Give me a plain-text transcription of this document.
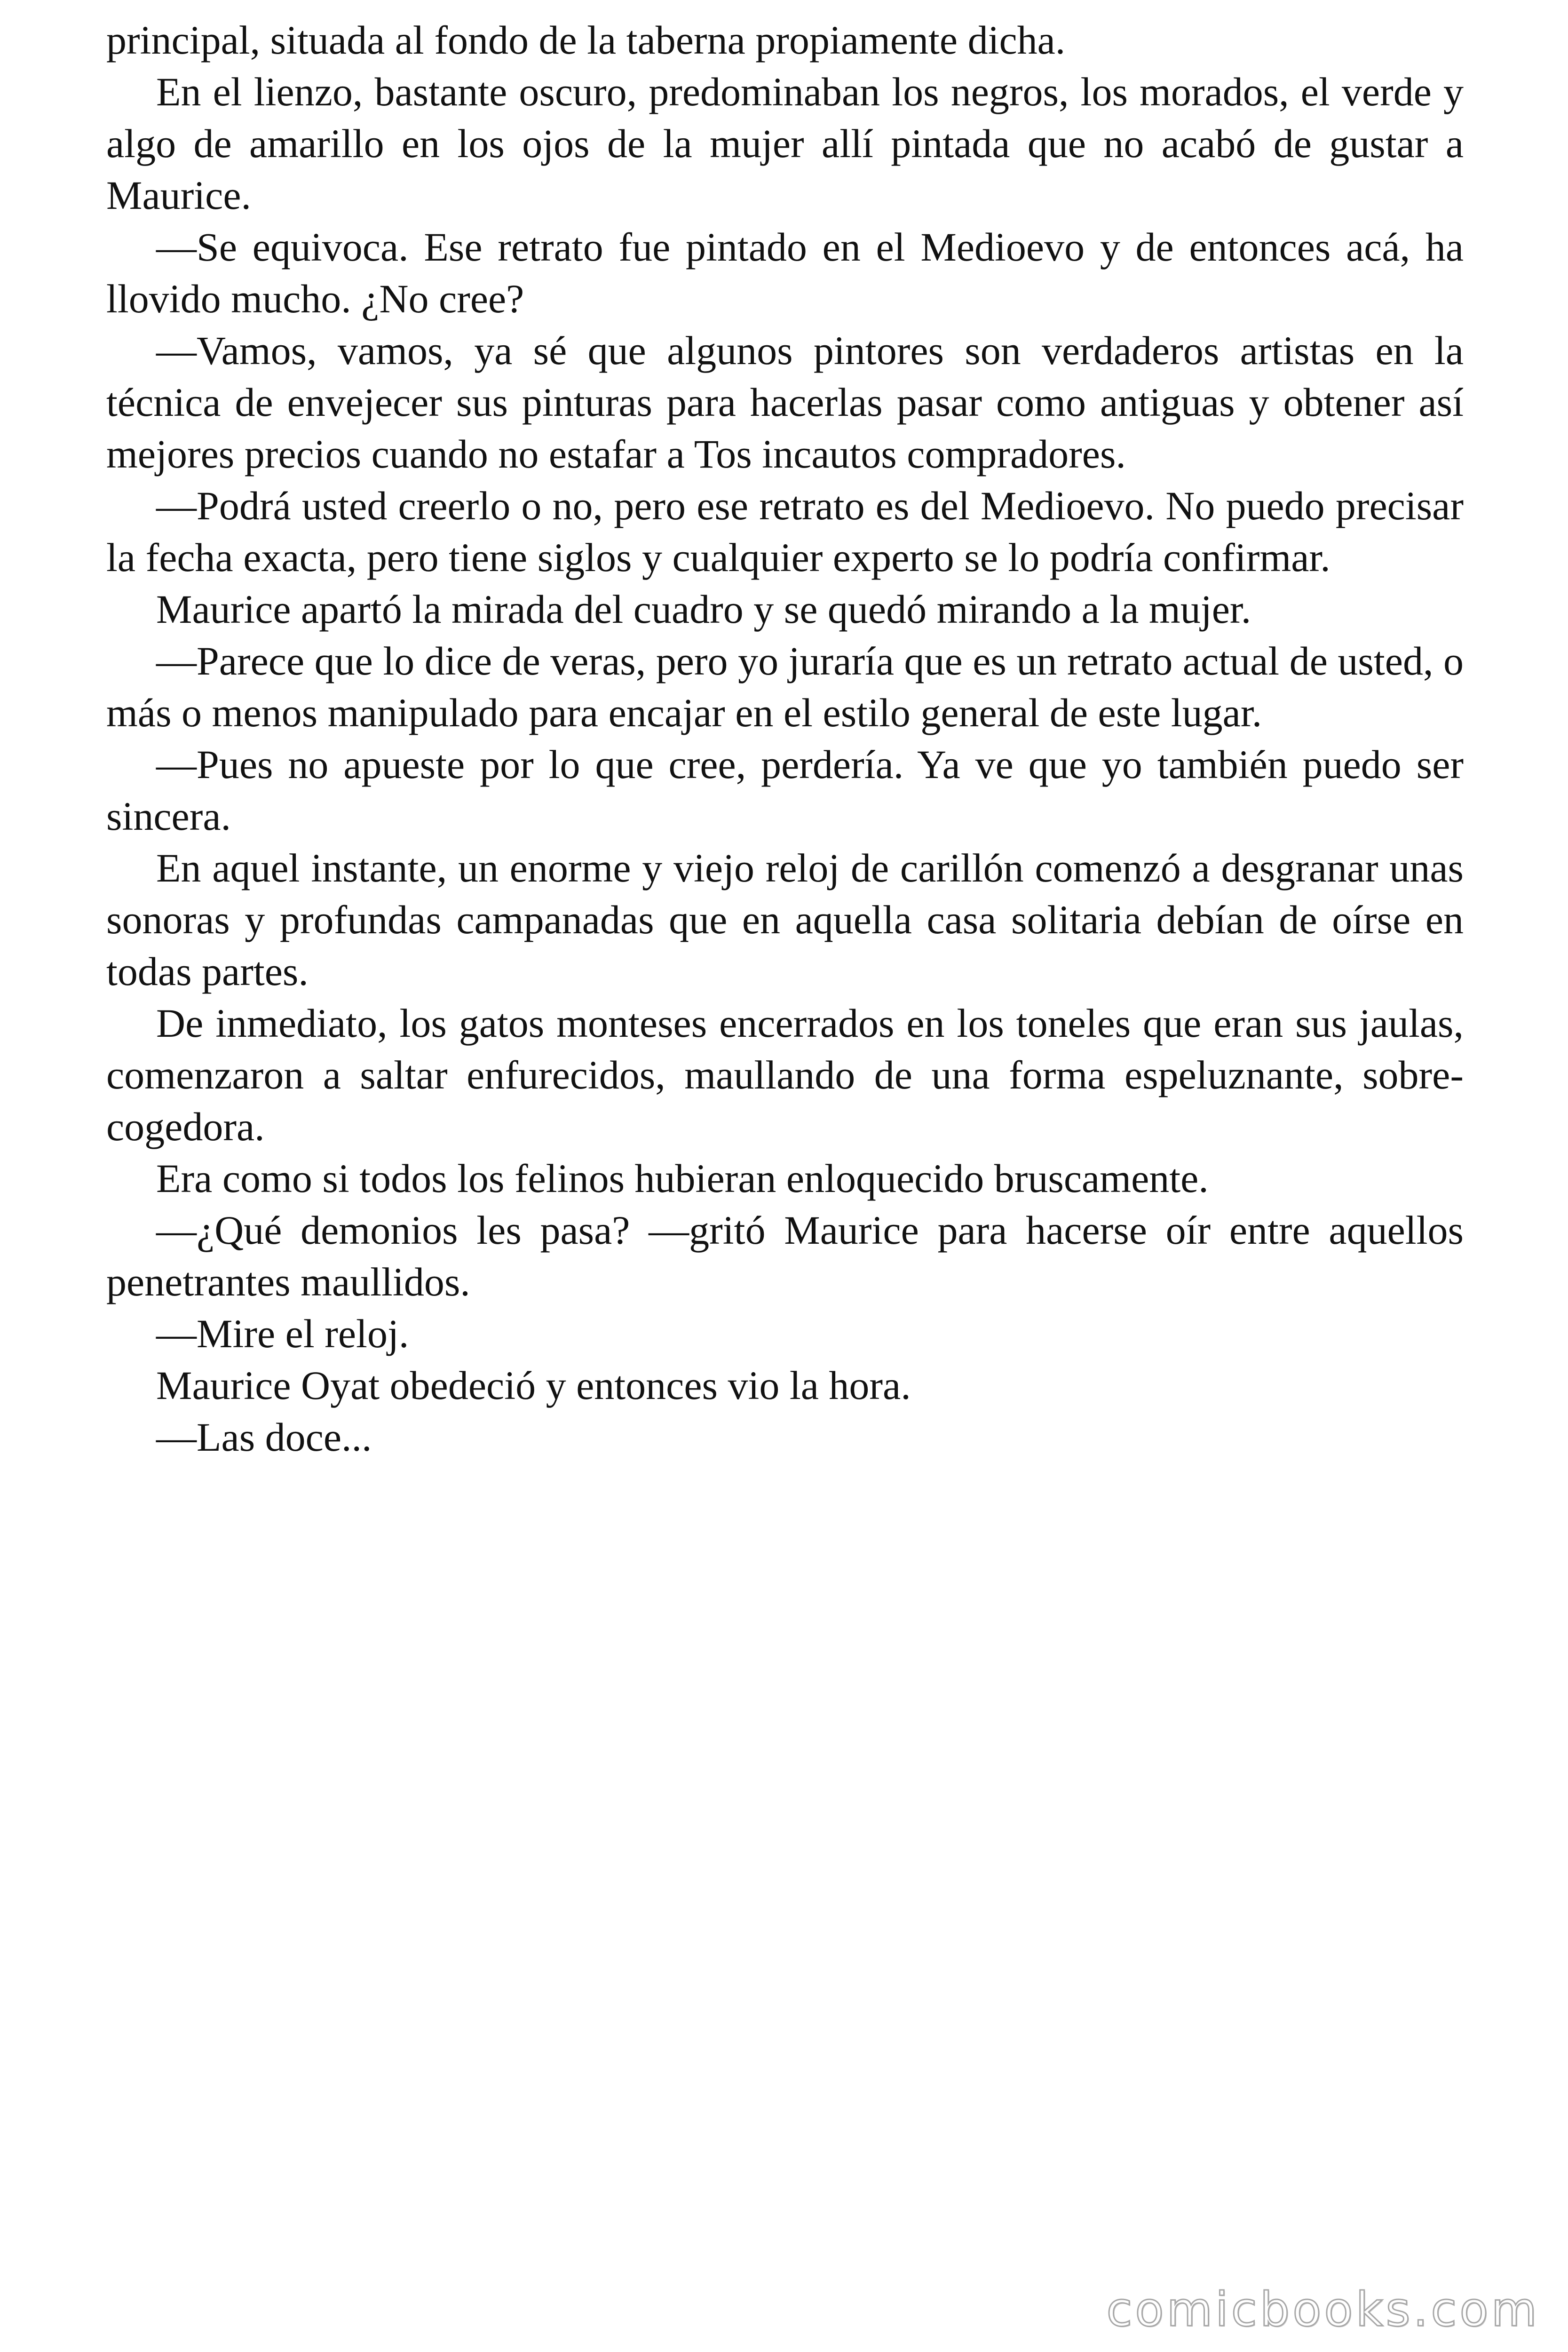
principal, situada al fondo de la taberna propiamente dicha.

En el lienzo, bastante oscuro, predominaban los negros, los morados, el verde y algo de amarillo en los ojos de la mujer allí pintada que no acabó de gustar a Maurice.

—Se equivoca. Ese retrato fue pintado en el Medioevo y de entonces acá, ha llovido mucho. ¿No cree?

—Vamos, vamos, ya sé que algunos pintores son verdaderos artistas en la técnica de envejecer sus pinturas para hacerlas pasar como antiguas y obtener así mejores precios cuando no estafar a Tos incautos compradores.

—Podrá usted creerlo o no, pero ese retrato es del Medioevo. No puedo precisar la fecha exacta, pero tiene siglos y cualquier experto se lo podría confirmar.

Maurice apartó la mirada del cuadro y se quedó mirando a la mujer.

—Parece que lo dice de veras, pero yo juraría que es un retrato actual de usted, o más o menos manipulado para encajar en el estilo general de este lugar.

—Pues no apueste por lo que cree, perdería. Ya ve que yo también puedo ser sincera.

En aquel instante, un enorme y viejo reloj de carillón comenzó a desgranar unas sonoras y profundas campanadas que en aquella casa solitaria debían de oírse en todas partes.

De inmediato, los gatos monteses encerrados en los toneles que eran sus jaulas, comenzaron a saltar enfurecidos, maullando de una forma espeluznante, sobre-cogedora.

Era como si todos los felinos hubieran enloquecido bruscamente.

—¿Qué demonios les pasa? —gritó Maurice para hacerse oír entre aquellos penetrantes maullidos.

—Mire el reloj.

Maurice Oyat obedeció y entonces vio la hora.

—Las doce...

comicbooks.com
